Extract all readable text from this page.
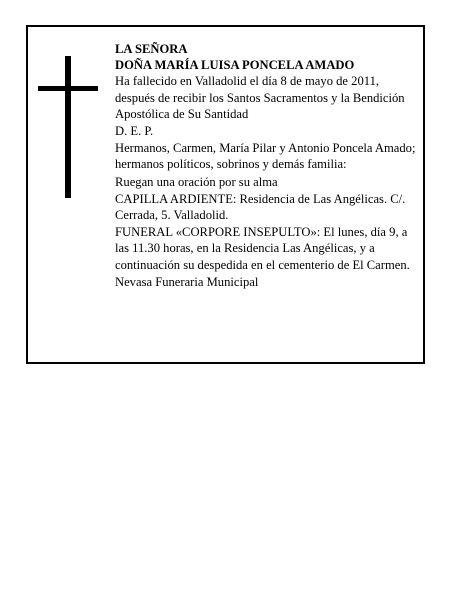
LA SEÑORA
DOÑA MARÍA LUISA PONCELA AMADO
Ha fallecido en Valladolid el día 8 de mayo de 2011, después de recibir los Santos Sacramentos y la Bendición Apostólica de Su Santidad
D. E. P.
Hermanos, Carmen, María Pilar y Antonio Poncela Amado; hermanos políticos, sobrinos y demás familia:
Ruegan una oración por su alma
CAPILLA ARDIENTE: Residencia de Las Angélicas. C/. Cerrada, 5. Valladolid.
FUNERAL «CORPORE INSEPULTO»: El lunes, día 9, a las 11.30 horas, en la Residencia Las Angélicas, y a continuación su despedida en el cementerio de El Carmen.
Nevasa Funeraria Municipal
